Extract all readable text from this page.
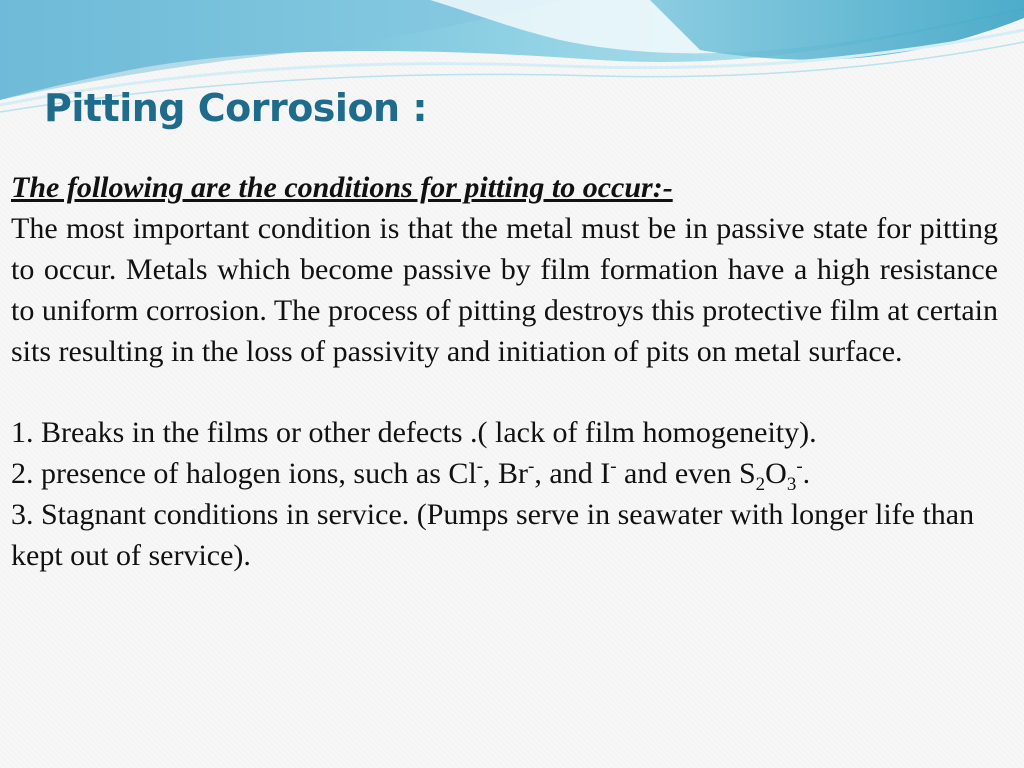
Pitting Corrosion :

The following are the conditions for pitting to occur:-

The most important condition is that the metal must be in passive state for pitting to occur. Metals which become passive by film formation have a high resistance to uniform corrosion. The process of pitting destroys this protective film at certain sits resulting in the loss of passivity and initiation of pits on metal surface.

1. Breaks in the films or other defects .( lack of film homogeneity).
2. presence of halogen ions, such as Cl-, Br-, and I- and even $S_2O_3^-$.
3. Stagnant conditions in service. (Pumps serve in seawater with longer life than kept out of service).
